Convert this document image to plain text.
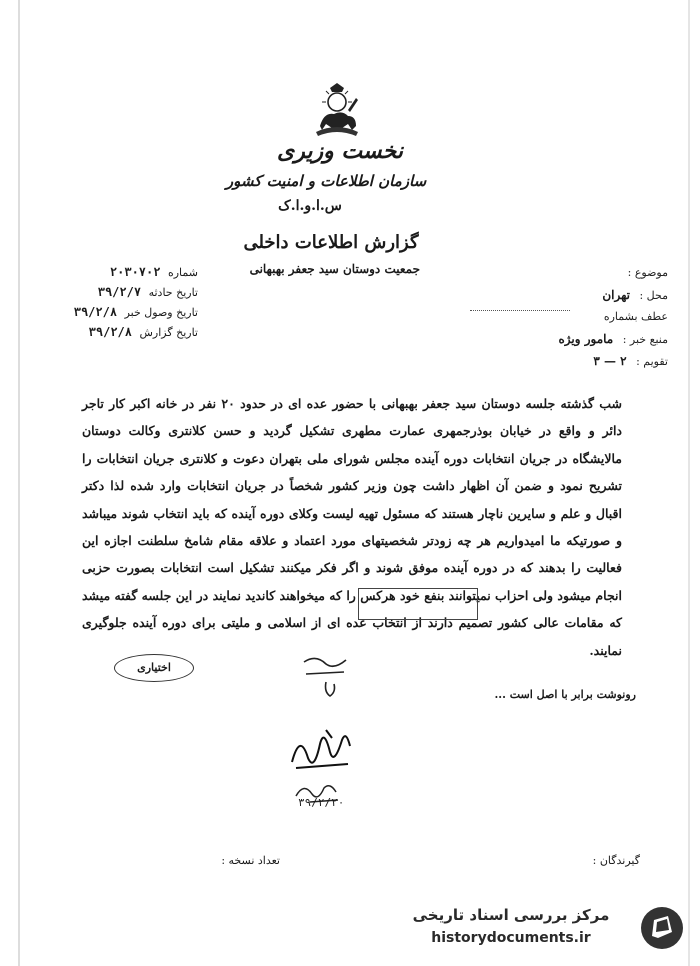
نخست وزیری
سازمان اطلاعات و امنیت کشور
س.ا.و.ا.ک
گزارش اطلاعات داخلی
شماره ۲۰۳۰۷۰۲
تاریخ حادثه ۳۹/۲/۷
تاریخ وصول خبر ۳۹/۲/۸
تاریخ گزارش ۳۹/۲/۸
جمعیت دوستان سید جعفر بهبهانی	موضوع :
محل : تهران
عطف بشماره
منبع خبر : مامور ویژه
تقویم : ۲ — ۳
شب گذشته جلسه دوستان سید جعفر بهبهانی با حضور عده ای در حدود ۲۰ نفر در خانه اکبر کار تاجر دائر و واقع در خیابان بوذرجمهری عمارت مطهری تشکیل گردید و حسن کلانتری وکالت دوستان مالایشگاه در جریان انتخابات دوره آینده مجلس شورای ملی بتهران دعوت و کلانتری جریان انتخابات را تشریح نمود و ضمن آن اظهار داشت چون وزیر کشور شخصاً در جریان انتخابات وارد شده لذا دکتر اقبال و علم و سایرین ناچار هستند که مسئول تهیه لیست وکلای دوره آینده که باید انتخاب شوند میباشد و صورتیکه ما امیدواریم هر چه زودتر شخصیتهای مورد اعتماد و علاقه مقام شامخ سلطنت اجازه این فعالیت را بدهند که در دوره آینده موفق شوند و اگر فکر میکنند تشکیل است انتخابات بصورت حزبی انجام میشود ولی احزاب نمیتوانند بنفع خود هرکس را که میخواهند کاندید نمایند در این جلسه گفته میشد که مقامات عالی کشور تصمیم دارند از انتخاب عده ای از اسلامی و ملیتی برای دوره آینده جلوگیری نمایند.
اختیاری
رونوشت برابر با اصل است ...
۳۹/۲/۲۰
گیرندگان :
تعداد نسخه :
مرکز بررسی اسناد تاریخی
historydocuments.ir
